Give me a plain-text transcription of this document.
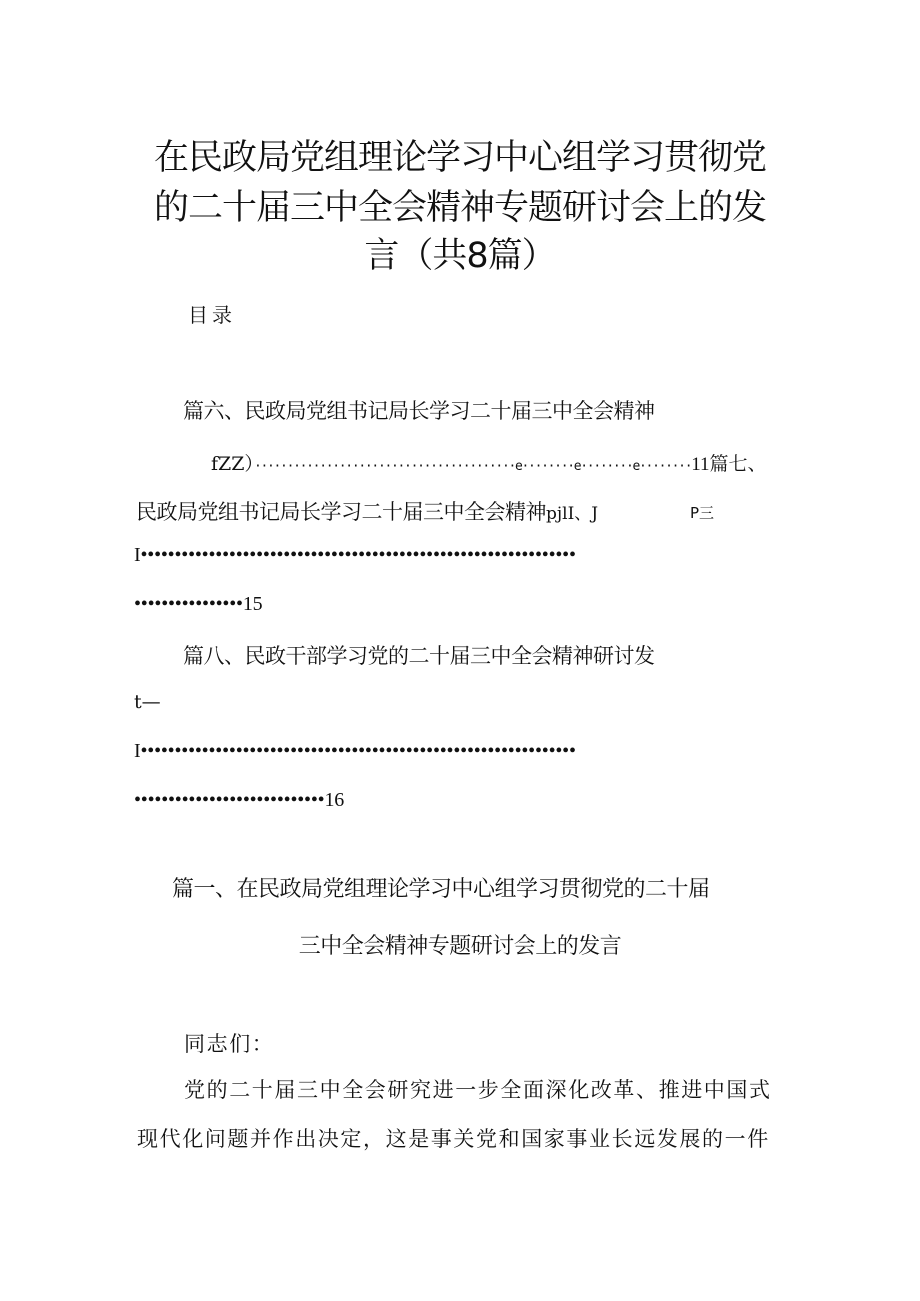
在民政局党组理论学习中心组学习贯彻党
的二十届三中全会精神专题研讨会上的发
言（共8篇）
目录
篇六、民政局党组书记局长学习二十届三中全会精神
fZZ）········································e········e········e········11篇七、
民政局党组书记局长学习二十届三中全会精神pjlI、J	P三
I••••••••••••••••••••••••••••••••••••••••••••••••••••••••••••••••
••••••••••••••••15
篇八、民政干部学习党的二十届三中全会精神研讨发
t—
I••••••••••••••••••••••••••••••••••••••••••••••••••••••••••••••••
••••••••••••••••••••••••••••16
篇一、在民政局党组理论学习中心组学习贯彻党的二十届
三中全会精神专题研讨会上的发言
同志们：
党的二十届三中全会研究进一步全面深化改革、推进中国式
现代化问题并作出决定，这是事关党和国家事业长远发展的一件
